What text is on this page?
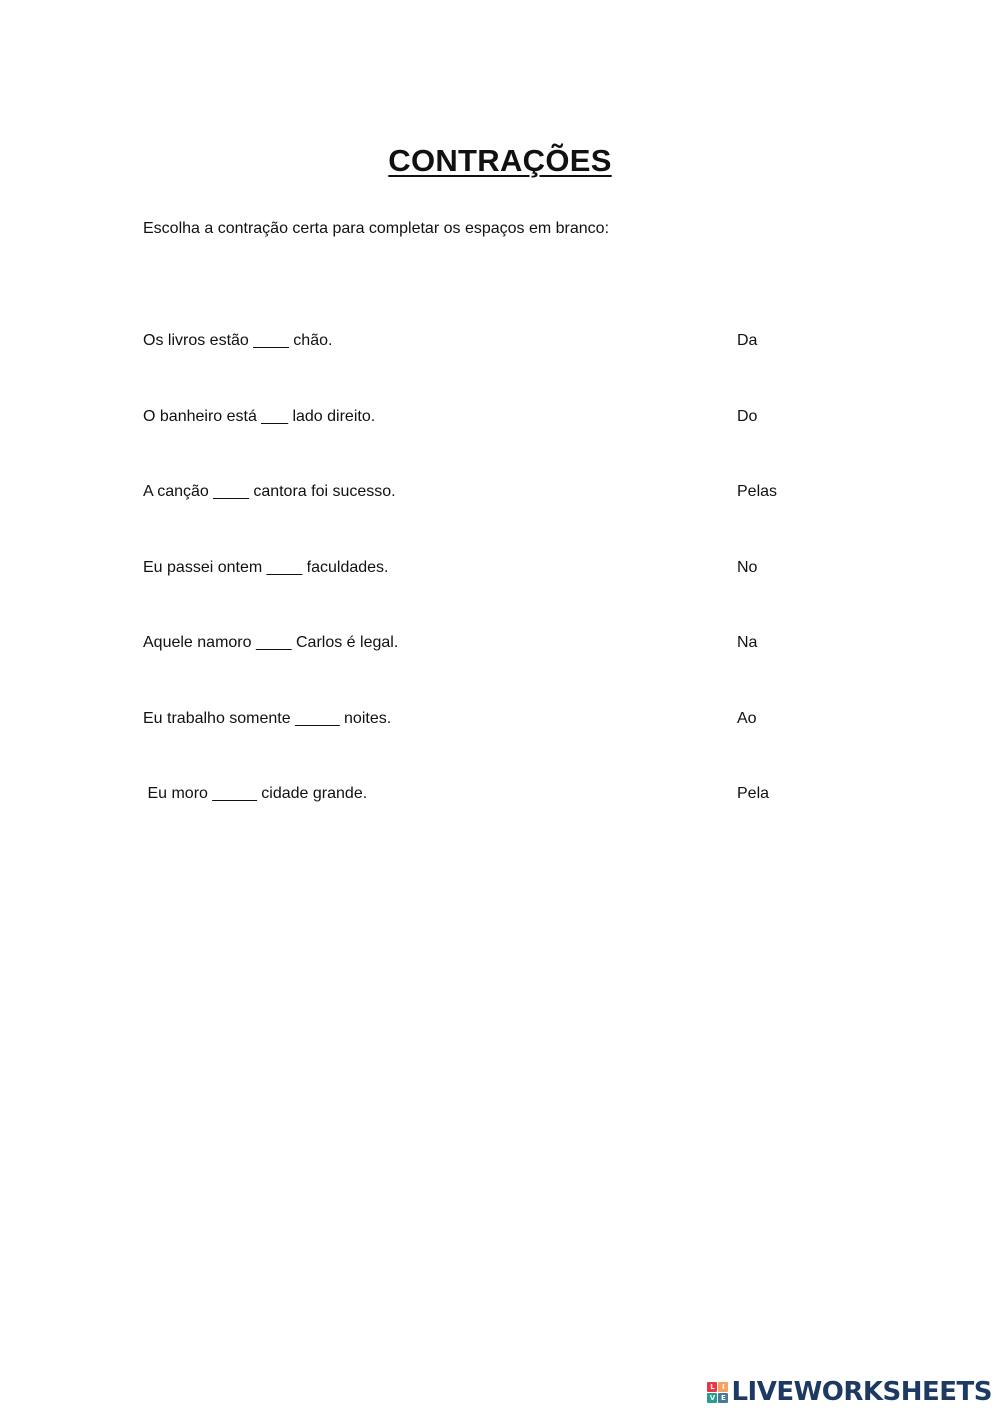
CONTRAÇÕES
Escolha a contração certa para completar os espaços em branco:
Os livros estão ____ chão.	Da
O banheiro está ___ lado direito.	Do
A canção ____ cantora foi sucesso.	Pelas
Eu passei ontem ____ faculdades.	No
Aquele namoro ____ Carlos é legal.	Na
Eu trabalho somente _____ noites.	Ao
Eu moro _____ cidade grande.	Pela
L	I
V E LIVEWORKSHEETS
